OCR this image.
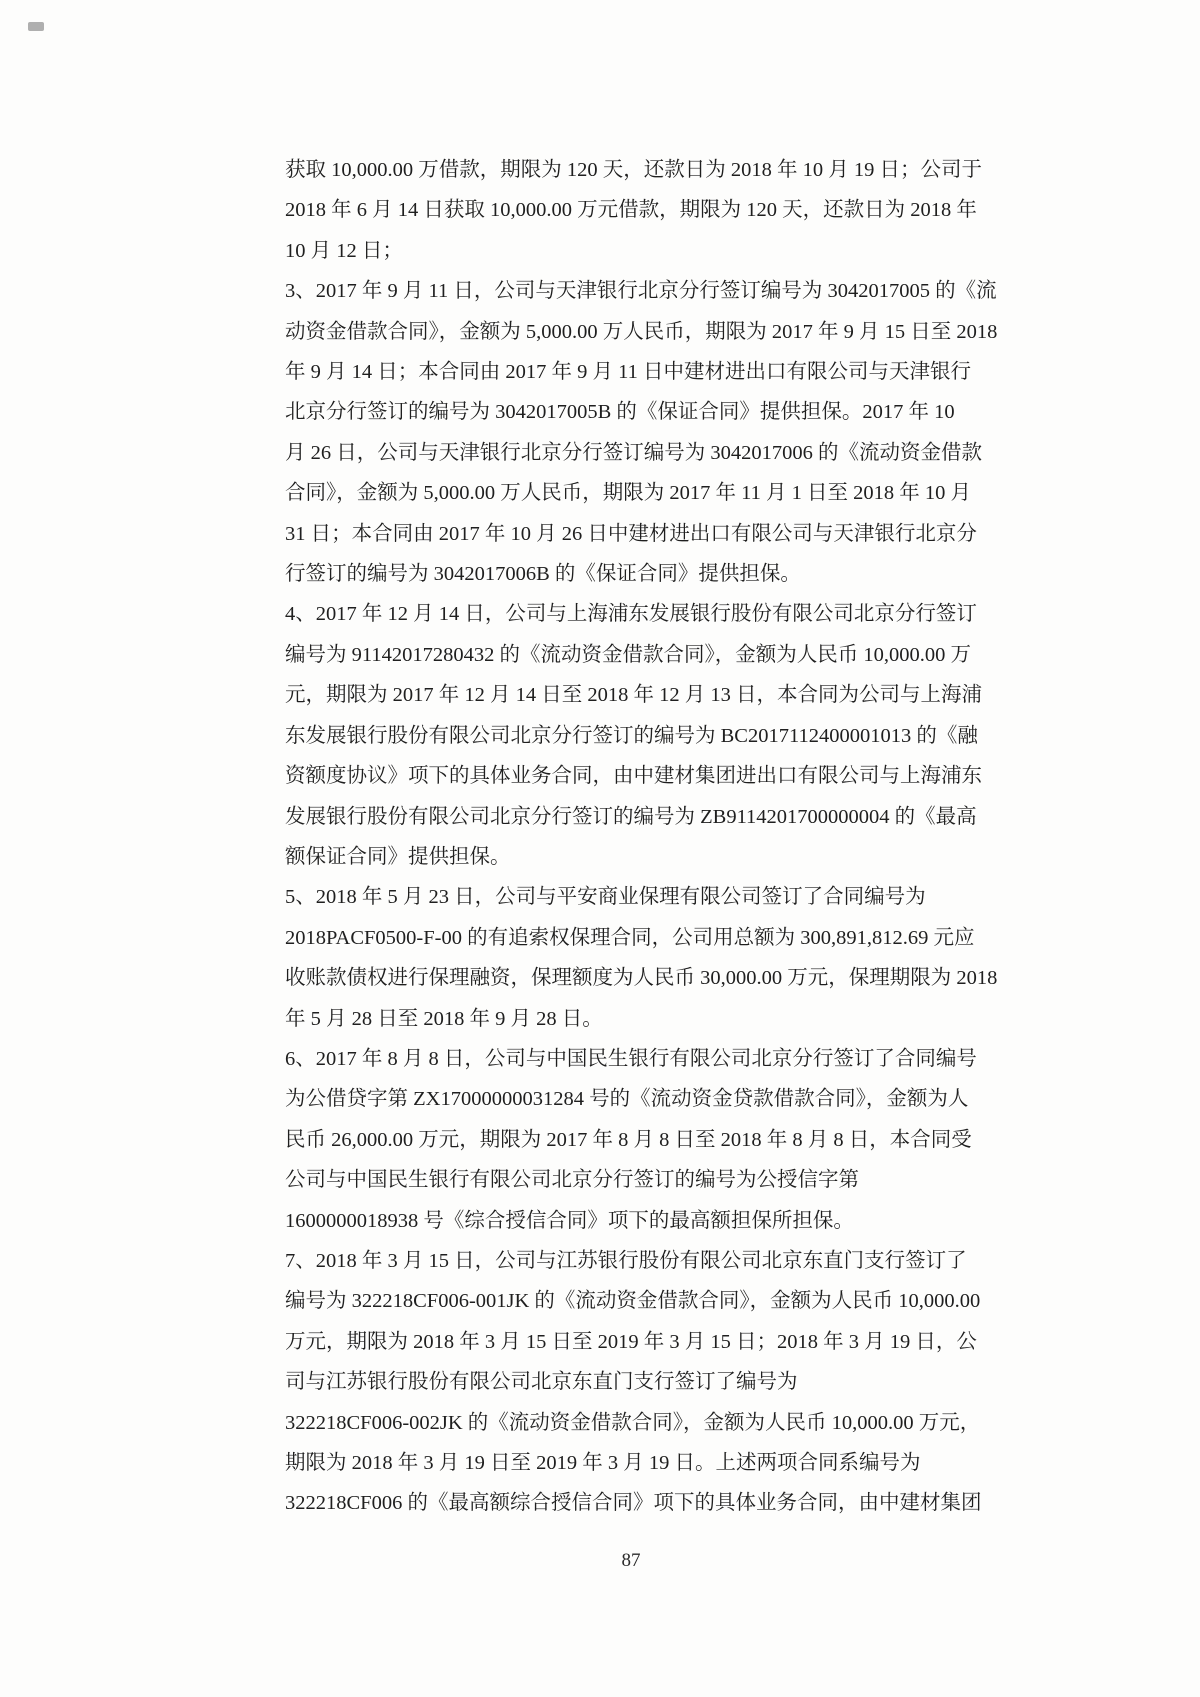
获取 10,000.00 万借款，期限为 120 天，还款日为 2018 年 10 月 19 日；公司于
2018 年 6 月 14 日获取 10,000.00 万元借款，期限为 120 天，还款日为 2018 年
10 月 12 日；
3、2017 年 9 月 11 日，公司与天津银行北京分行签订编号为 3042017005 的《流
动资金借款合同》，金额为 5,000.00 万人民币，期限为 2017 年 9 月 15 日至 2018
年 9 月 14 日；本合同由 2017 年 9 月 11 日中建材进出口有限公司与天津银行
北京分行签订的编号为 3042017005B 的《保证合同》提供担保。2017 年 10
月 26 日，公司与天津银行北京分行签订编号为 3042017006 的《流动资金借款
合同》，金额为 5,000.00 万人民币，期限为 2017 年 11 月 1 日至 2018 年 10 月
31 日；本合同由 2017 年 10 月 26 日中建材进出口有限公司与天津银行北京分
行签订的编号为 3042017006B 的《保证合同》提供担保。
4、2017 年 12 月 14 日，公司与上海浦东发展银行股份有限公司北京分行签订
编号为 91142017280432 的《流动资金借款合同》，金额为人民币 10,000.00 万
元，期限为 2017 年 12 月 14 日至 2018 年 12 月 13 日，本合同为公司与上海浦
东发展银行股份有限公司北京分行签订的编号为 BC2017112400001013 的《融
资额度协议》项下的具体业务合同，由中建材集团进出口有限公司与上海浦东
发展银行股份有限公司北京分行签订的编号为 ZB9114201700000004 的《最高
额保证合同》提供担保。
5、2018 年 5 月 23 日，公司与平安商业保理有限公司签订了合同编号为
2018PACF0500-F-00 的有追索权保理合同，公司用总额为 300,891,812.69 元应
收账款债权进行保理融资，保理额度为人民币 30,000.00 万元，保理期限为 2018
年 5 月 28 日至 2018 年 9 月 28 日。
6、2017 年 8 月 8 日，公司与中国民生银行有限公司北京分行签订了合同编号
为公借贷字第 ZX17000000031284 号的《流动资金贷款借款合同》，金额为人
民币 26,000.00 万元，期限为 2017 年 8 月 8 日至 2018 年 8 月 8 日，本合同受
公司与中国民生银行有限公司北京分行签订的编号为公授信字第
1600000018938 号《综合授信合同》项下的最高额担保所担保。
7、2018 年 3 月 15 日，公司与江苏银行股份有限公司北京东直门支行签订了
编号为 322218CF006-001JK 的《流动资金借款合同》，金额为人民币 10,000.00
万元，期限为 2018 年 3 月 15 日至 2019 年 3 月 15 日；2018 年 3 月 19 日，公
司与江苏银行股份有限公司北京东直门支行签订了编号为
322218CF006-002JK 的《流动资金借款合同》，金额为人民币 10,000.00 万元，
期限为 2018 年 3 月 19 日至 2019 年 3 月 19 日。上述两项合同系编号为
322218CF006 的《最高额综合授信合同》项下的具体业务合同，由中建材集团
87
